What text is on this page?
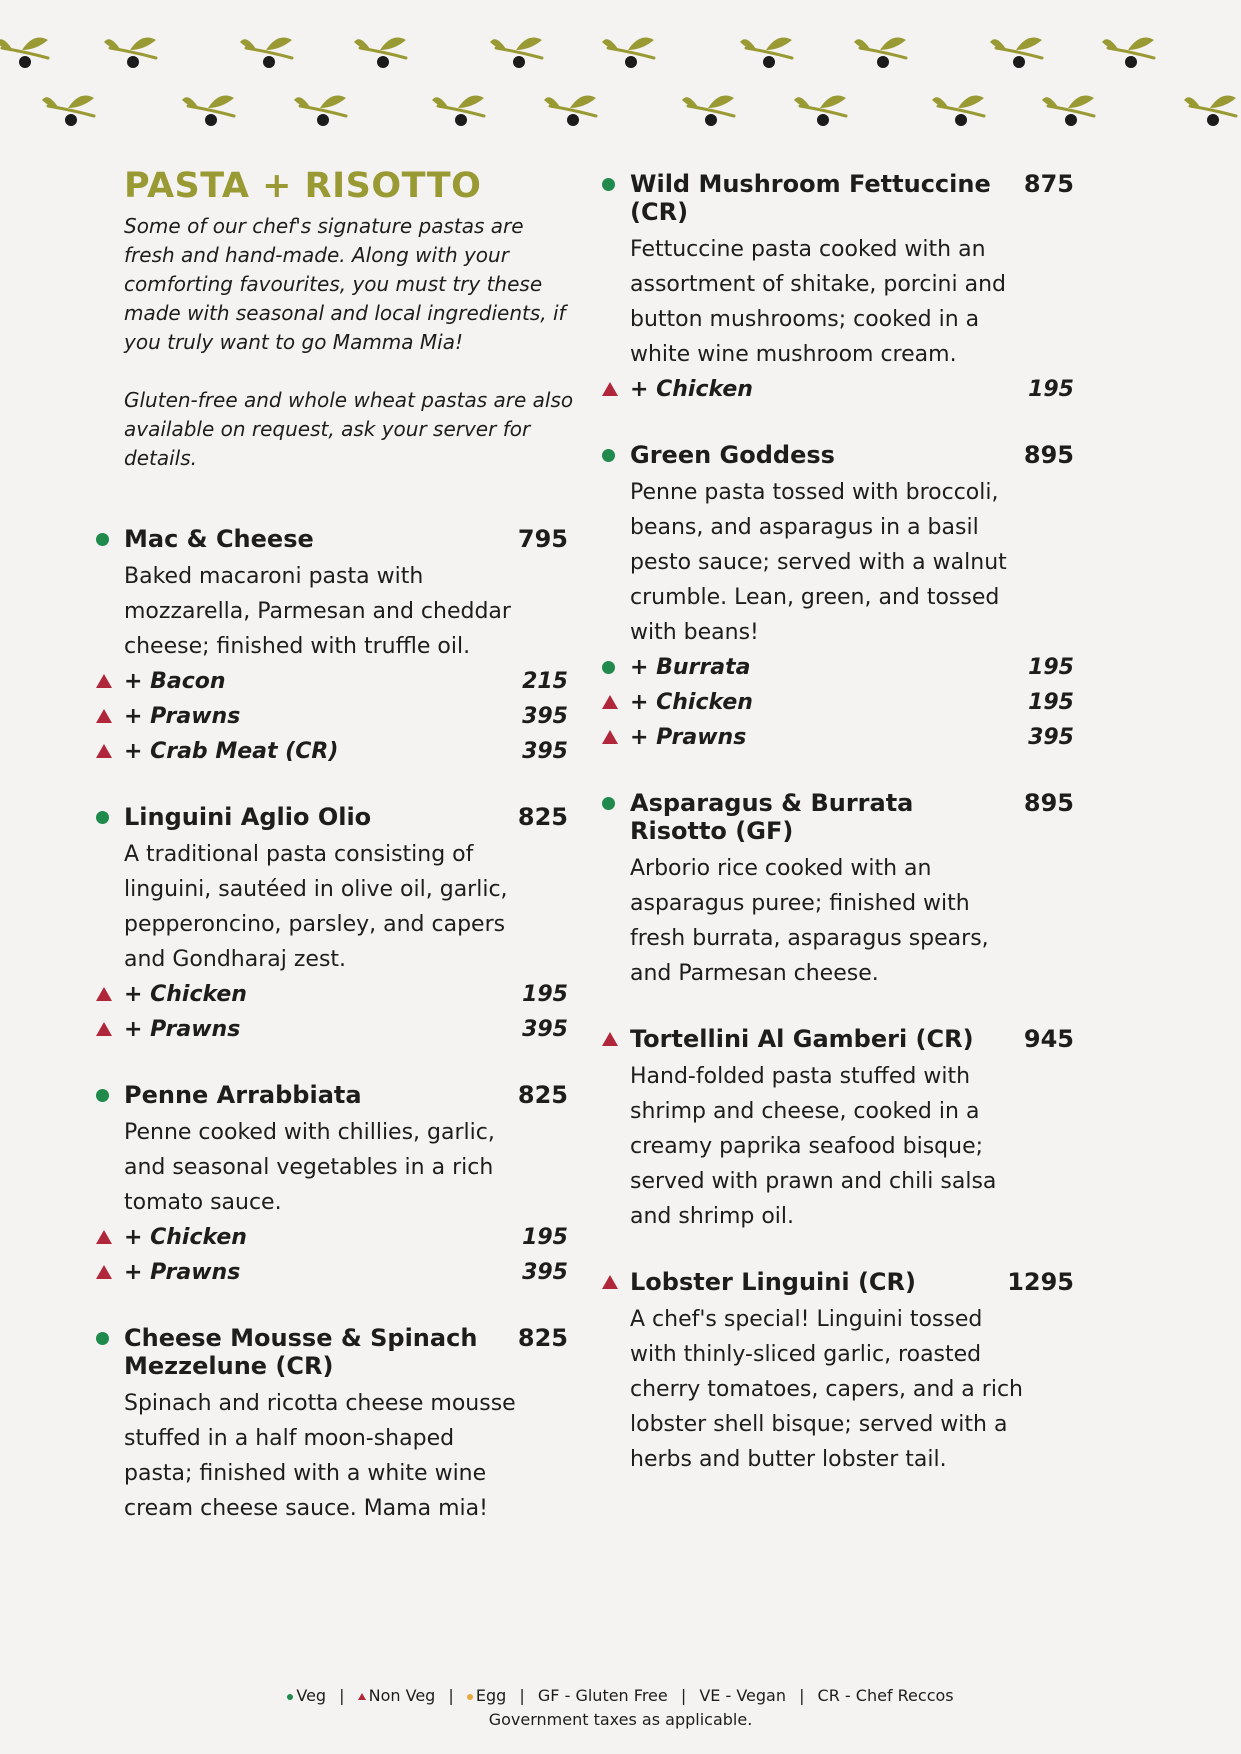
PASTA + RISOTTO

Some of our chef's signature pastas are fresh and hand-made. Along with your comforting favourites, you must try these made with seasonal and local ingredients, if you truly want to go Mamma Mia!

Gluten-free and whole wheat pastas are also available on request, ask your server for details.

Mac & Cheese	795
Baked macaroni pasta with mozzarella, Parmesan and cheddar cheese; finished with truffle oil.
+ Bacon	215
+ Prawns	395
+ Crab Meat (CR)	395
Linguini Aglio Olio	825
A traditional pasta consisting of linguini, sautéed in olive oil, garlic, pepperoncino, parsley, and capers and Gondharaj zest.
+ Chicken	195
+ Prawns	395
Penne Arrabbiata	825
Penne cooked with chillies, garlic, and seasonal vegetables in a rich tomato sauce.
+ Chicken	195
+ Prawns	395
Cheese Mousse & Spinach Mezzelune (CR)
825
Spinach and ricotta cheese mousse stuffed in a half moon-shaped pasta; finished with a white wine cream cheese sauce. Mama mia!
Wild Mushroom Fettuccine (CR)
875
Fettuccine pasta cooked with an assortment of shitake, porcini and button mushrooms; cooked in a white wine mushroom cream.
+ Chicken	195
Green Goddess	895
Penne pasta tossed with broccoli, beans, and asparagus in a basil pesto sauce; served with a walnut crumble. Lean, green, and tossed with beans!
+ Burrata	195
+ Chicken	195
+ Prawns	395
Asparagus & Burrata Risotto (GF)
895
Arborio rice cooked with an asparagus puree; finished with fresh burrata, asparagus spears, and Parmesan cheese.
Tortellini Al Gamberi (CR)	945
Hand-folded pasta stuffed with shrimp and cheese, cooked in a creamy paprika seafood bisque; served with prawn and chili salsa and shrimp oil.
Lobster Linguini (CR)	1295
A chef's special! Linguini tossed with thinly-sliced garlic, roasted cherry tomatoes, capers, and a rich lobster shell bisque; served with a herbs and butter lobster tail.
Veg | Non Veg | Egg | GF - Gluten Free | VE - Vegan | CR - Chef Reccos
Government taxes as applicable.
